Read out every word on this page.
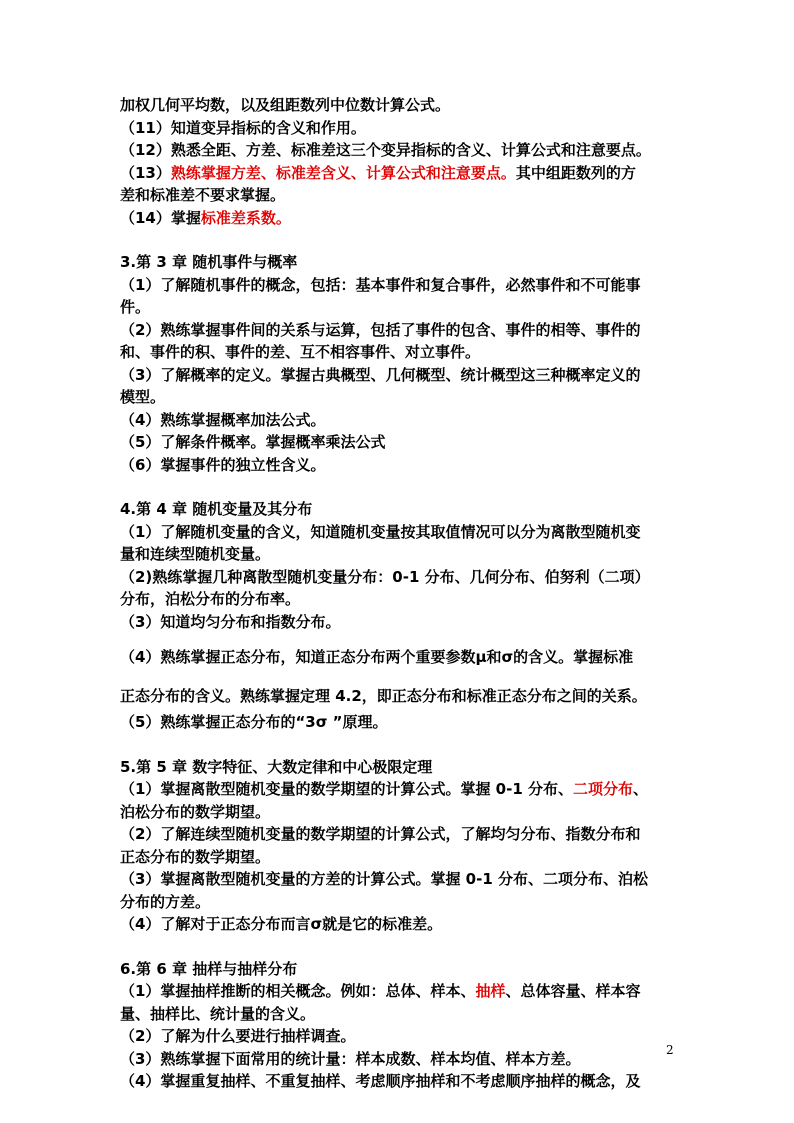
加权几何平均数，以及组距数列中位数计算公式。

（11）知道变异指标的含义和作用。

（12）熟悉全距、方差、标准差这三个变异指标的含义、计算公式和注意要点。

（13）熟练掌握方差、标准差含义、计算公式和注意要点。其中组距数列的方

差和标准差不要求掌握。

（14）掌握标准差系数。

3.第 3 章 随机事件与概率

（1）了解随机事件的概念，包括：基本事件和复合事件，必然事件和不可能事

件。

（2）熟练掌握事件间的关系与运算，包括了事件的包含、事件的相等、事件的

和、事件的积、事件的差、互不相容事件、对立事件。

（3）了解概率的定义。掌握古典概型、几何概型、统计概型这三种概率定义的

模型。

（4）熟练掌握概率加法公式。

（5）了解条件概率。掌握概率乘法公式

（6）掌握事件的独立性含义。

4.第 4 章 随机变量及其分布

（1）了解随机变量的含义，知道随机变量按其取值情况可以分为离散型随机变

量和连续型随机变量。

（2)熟练掌握几种离散型随机变量分布：0-1 分布、几何分布、伯努利（二项）

分布，泊松分布的分布率。

（3）知道均匀分布和指数分布。

（4）熟练掌握正态分布，知道正态分布两个重要参数μ和σ的含义。掌握标准

正态分布的含义。熟练掌握定理 4.2，即正态分布和标准正态分布之间的关系。

（5）熟练掌握正态分布的“3σ ”原理。

5.第 5 章 数字特征、大数定律和中心极限定理

（1）掌握离散型随机变量的数学期望的计算公式。掌握 0-1 分布、二项分布、

泊松分布的数学期望。

（2）了解连续型随机变量的数学期望的计算公式，了解均匀分布、指数分布和

正态分布的数学期望。

（3）掌握离散型随机变量的方差的计算公式。掌握 0-1 分布、二项分布、泊松

分布的方差。

（4）了解对于正态分布而言σ就是它的标准差。

6.第 6 章 抽样与抽样分布

（1）掌握抽样推断的相关概念。例如：总体、样本、抽样、总体容量、样本容

量、抽样比、统计量的含义。

（2）了解为什么要进行抽样调查。

（3）熟练掌握下面常用的统计量：样本成数、样本均值、样本方差。

（4）掌握重复抽样、不重复抽样、考虑顺序抽样和不考虑顺序抽样的概念，及

2
